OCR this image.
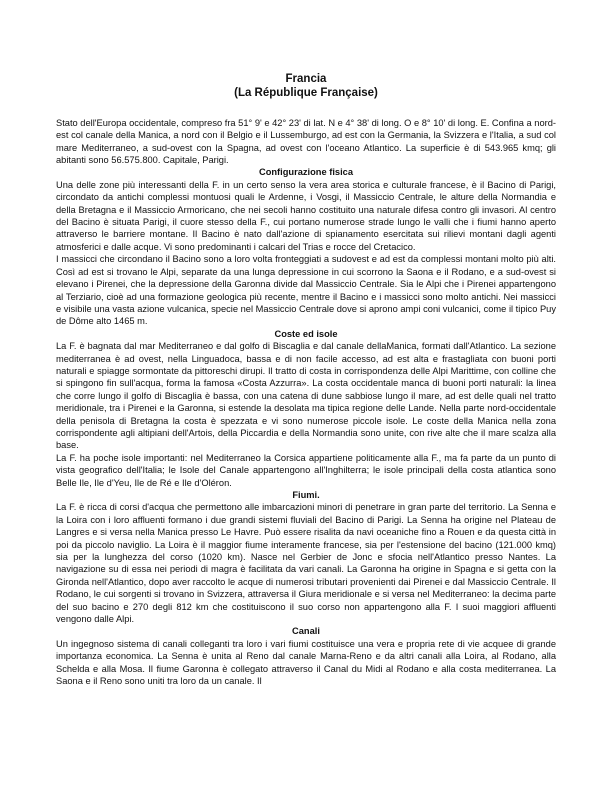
Francia
(La République Française)

Stato dell'Europa occidentale, compreso fra 51° 9' e 42° 23' di lat. N e 4° 38' di long. O e 8° 10' di long. E. Confina a nord-est col canale della Manica, a nord con il Belgio e il Lussemburgo, ad est con la Germania, la Svizzera e l'Italia, a sud col mare Mediterraneo, a sud-ovest con la Spagna, ad ovest con l'oceano Atlantico. La superficie è di 543.965 kmq; gli abitanti sono 56.575.800. Capitale, Parigi.

Configurazione fisica

Una delle zone più interessanti della F. in un certo senso la vera area storica e culturale francese, è il Bacino di Parigi, circondato da antichi complessi montuosi quali le Ardenne, i Vosgi, il Massiccio Centrale, le alture della Normandia e della Bretagna e il Massiccio Armoricano, che nei secoli hanno costituito una naturale difesa contro gli invasori. Al centro del Bacino è situata Parigi, il cuore stesso della F., cui portano numerose strade lungo le valli che i fiumi hanno aperto attraverso le barriere montane. Il Bacino è nato dall'azione di spianamento esercitata sui rilievi montani dagli agenti atmosferici e dalle acque. Vi sono predominanti i calcari del Trias e rocce del Cretacico.

I massicci che circondano il Bacino sono a loro volta fronteggiati a sudovest e ad est da complessi montani molto più alti. Così ad est si trovano le Alpi, separate da una lunga depressione in cui scorrono la Saona e il Rodano, e a sud-ovest si elevano i Pirenei, che la depressione della Garonna divide dal Massiccio Centrale. Sia le Alpi che i Pirenei appartengono al Terziario, cioè ad una formazione geologica più recente, mentre il Bacino e i massicci sono molto antichi. Nei massicci e visibile una vasta azione vulcanica, specie nel Massiccio Centrale dove si aprono ampi coni vulcanici, come il tipico Puy de Dôme alto 1465 m.

Coste ed isole

La F. è bagnata dal mar Mediterraneo e dal golfo di Biscaglia e dal canale dellaManica, formati dall'Atlantico. La sezione mediterranea è ad ovest, nella Linguadoca, bassa e di non facile accesso, ad est alta e frastagliata con buoni porti naturali e spiagge sormontate da pittoreschi dirupi. Il tratto di costa in corrispondenza delle Alpi Marittime, con colline che si spingono fin sull'acqua, forma la famosa «Costa Azzurra». La costa occidentale manca di buoni porti naturali: la linea che corre lungo il golfo di Biscaglia è bassa, con una catena di dune sabbiose lungo il mare, ad est delle quali nel tratto meridionale, tra i Pirenei e la Garonna, si estende la desolata ma tipica regione delle Lande. Nella parte nord-occidentale della penisola di Bretagna la costa è spezzata e vi sono numerose piccole isole. Le coste della Manica nella zona corrispondente agli altipiani dell'Artois, della Piccardia e della Normandia sono unite, con rive alte che il mare scalza alla base.

La F. ha poche isole importanti: nel Mediterraneo la Corsica appartiene politicamente alla F., ma fa parte da un punto di vista geografico dell'Italia; le Isole del Canale appartengono all'Inghilterra; le isole principali della costa atlantica sono Belle Ile, Ile d'Yeu, Ile de Ré e Ile d'Oléron.

Fiumi.

La F. è ricca di corsi d'acqua che permettono alle imbarcazioni minori di penetrare in gran parte del territorio. La Senna e la Loira con i loro affluenti formano i due grandi sistemi fluviali del Bacino di Parigi. La Senna ha origine nel Plateau de Langres e si versa nella Manica presso Le Havre. Può essere risalita da navi oceaniche fino a Rouen e da questa città in poi da piccolo naviglio. La Loira è il maggior fiume interamente francese, sia per l'estensione del bacino (121.000 kmq) sia per la lunghezza del corso (1020 km). Nasce nel Gerbier de Jonc e sfocia nell'Atlantico presso Nantes. La navigazione su di essa nei periodi di magra è facilitata da vari canali. La Garonna ha origine in Spagna e si getta con la Gironda nell'Atlantico, dopo aver raccolto le acque di numerosi tributari provenienti dai Pirenei e dal Massiccio Centrale. Il Rodano, le cui sorgenti si trovano in Svizzera, attraversa il Giura meridionale e si versa nel Mediterraneo: la decima parte del suo bacino e 270 degli 812 km che costituiscono il suo corso non appartengono alla F. I suoi maggiori affluenti vengono dalle Alpi.

Canali

Un ingegnoso sistema di canali colleganti tra loro i vari fiumi costituisce una vera e propria rete di vie acquee di grande importanza economica. La Senna è unita al Reno dal canale Marna-Reno e da altri canali alla Loira, al Rodano, alla Schelda e alla Mosa. Il fiume Garonna è collegato attraverso il Canal du Midi al Rodano e alla costa mediterranea. La Saona e il Reno sono uniti tra loro da un canale. Il
